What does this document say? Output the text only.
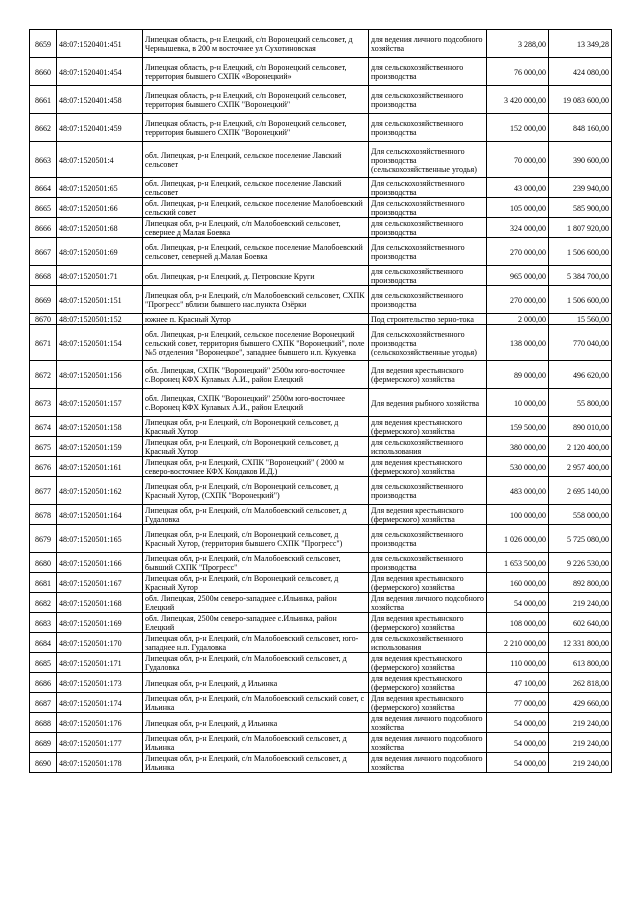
8659	48:07:1520401:451	Липецкая область, р-н Елецкий, с/п Воронецкий сельсовет, д Чернышевка, в 200 м восточнее ул Сухотиновская	для ведения личного подсобного хозяйства	3 288,00	13 349,28
8660	48:07:1520401:454	Липецкая область, р-н Елецкий, с/п Воронецкий сельсовет, территория бывшего СХПК «Воронецкий»	для сельскохозяйственного производства	76 000,00	424 080,00
8661	48:07:1520401:458	Липецкая область, р-н Елецкий, с/п Воронецкий сельсовет, территория бывшего СХПК "Воронецкий"	для сельскохозяйственного производства	3 420 000,00	19 083 600,00
8662	48:07:1520401:459	Липецкая область, р-н Елецкий, с/п Воронецкий сельсовет, территория бывшего СХПК "Воронецкий"	для сельскохозяйственного производства	152 000,00	848 160,00
8663	48:07:1520501:4	обл. Липецкая, р-н Елецкий, сельское поселение Лавский сельсовет	Для сельскохозяйственного производства (сельскохозяйственные угодья)	70 000,00	390 600,00
8664	48:07:1520501:65	обл. Липецкая, р-н Елецкий, сельское поселение Лавский сельсовет	Для сельскохозяйственного производства	43 000,00	239 940,00
8665	48:07:1520501:66	обл. Липецкая, р-н Елецкий, сельское поселение Малобоевский сельский совет	Для сельскохозяйственного производства	105 000,00	585 900,00
8666	48:07:1520501:68	Липецкая обл, р-н Елецкий, с/п Малобоевский сельсовет, севернее д Малая Боевка	для сельскохозяйственного производства	324 000,00	1 807 920,00
8667	48:07:1520501:69	обл. Липецкая, р-н Елецкий, сельское поселение Малобоевский сельсовет, северней д.Малая Боевка	Для сельскохозяйственного производства	270 000,00	1 506 600,00
8668	48:07:1520501:71	обл. Липецкая, р-н Елецкий, д. Петровские Круги	для сельскохозяйственного производства	965 000,00	5 384 700,00
8669	48:07:1520501:151	Липецкая обл, р-н Елецкий, с/п Малобоевский сельсовет, СХПК "Прогресс" вблизи бывшего нас.пункта Озёрки	для сельскохозяйственного производства	270 000,00	1 506 600,00
8670	48:07:1520501:152	южнее п. Красный Хутор	Под строительство зерно-тока	2 000,00	15 560,00
8671	48:07:1520501:154	обл. Липецкая, р-н Елецкий, сельское поселение Воронецкий сельский совет, территория бывшего СХПК "Воронецкий", поле №5 отделения "Воронецкое", западнее бывшего н.п. Кукуевка	Для сельскохозяйственного производства (сельскохозяйственные угодья)	138 000,00	770 040,00
8672	48:07:1520501:156	обл. Липецкая, СХПК "Воронецкий" 2500м юго-восточнее с.Воронец КФХ Кулавых А.И., район Елецкий	Для ведения крестьянского (фермерского) хозяйства	89 000,00	496 620,00
8673	48:07:1520501:157	обл. Липецкая, СХПК "Воронецкий" 2500м юго-восточнее с.Воронец КФХ Кулавых А.И., район Елецкий	Для ведения рыбного хозяйства	10 000,00	55 800,00
8674	48:07:1520501:158	Липецкая обл, р-н Елецкий, с/п Воронецкий сельсовет, д Красный Хутор	для ведения крестьянского (фермерского) хозяйства	159 500,00	890 010,00
8675	48:07:1520501:159	Липецкая обл, р-н Елецкий, с/п Воронецкий сельсовет, д Красный Хутор	для сельскохозяйственного использования	380 000,00	2 120 400,00
8676	48:07:1520501:161	Липецкая обл, р-н Елецкий, СХПК "Воронецкий" ( 2000 м северо-восточнее КФХ Кондаков И.Д.)	для ведения крестьянского (фермерского) хозяйства	530 000,00	2 957 400,00
8677	48:07:1520501:162	Липецкая обл, р-н Елецкий, с/п Воронецкий сельсовет, д Красный Хутор, (СХПК "Воронецкий")	для сельскохозяйственного производства	483 000,00	2 695 140,00
8678	48:07:1520501:164	Липецкая обл, р-н Елецкий, с/п Малобоевский сельсовет, д Гудаловка	Для ведения крестьянского (фермерского) хозяйства	100 000,00	558 000,00
8679	48:07:1520501:165	Липецкая обл, р-н Елецкий, с/п Воронецкий сельсовет, д Красный Хутор, (территория бывшего СХПК "Прогресс")	для сельскохозяйственного производства	1 026 000,00	5 725 080,00
8680	48:07:1520501:166	Липецкая обл, р-н Елецкий, с/п Малобоевский сельсовет, бывший СХПК "Прогресс"	для сельскохозяйственного производства	1 653 500,00	9 226 530,00
8681	48:07:1520501:167	Липецкая обл, р-н Елецкий, с/п Воронецкий сельсовет, д Красный Хутор	Для ведения крестьянского (фермерского) хозяйства	160 000,00	892 800,00
8682	48:07:1520501:168	обл. Липецкая, 2500м северо-западнее с.Ильинка, район Елецкий	Для ведения личного подсобного хозяйства	54 000,00	219 240,00
8683	48:07:1520501:169	обл. Липецкая, 2500м северо-западнее с.Ильинка, район Елецкий	Для ведения крестьянского (фермерского) хозяйства	108 000,00	602 640,00
8684	48:07:1520501:170	Липецкая обл, р-н Елецкий, с/п Малобоевский сельсовет, юго-западнее н.п. Гудаловка	для сельскохозяйственного использования	2 210 000,00	12 331 800,00
8685	48:07:1520501:171	Липецкая обл, р-н Елецкий, с/п Малобоевский сельсовет, д Гудаловка	для ведения крестьянского (фермерского) хозяйства	110 000,00	613 800,00
8686	48:07:1520501:173	Липецкая обл, р-н Елецкий, д Ильинка	для ведения крестьянского (фермерского) хозяйства	47 100,00	262 818,00
8687	48:07:1520501:174	Липецкая обл, р-н Елецкий, с/п Малобоевский сельский совет, с Ильинка	Для ведения крестьянского (фермерского) хозяйства	77 000,00	429 660,00
8688	48:07:1520501:176	Липецкая обл, р-н Елецкий, д Ильинка	для ведения личного подсобного хозяйства	54 000,00	219 240,00
8689	48:07:1520501:177	Липецкая обл, р-н Елецкий, с/п Малобоевский сельсовет, д Ильинка	для ведения личного подсобного хозяйства	54 000,00	219 240,00
8690	48:07:1520501:178	Липецкая обл, р-н Елецкий, с/п Малобоевский сельсовет, д Ильинка	для ведения личного подсобного хозяйства	54 000,00	219 240,00
